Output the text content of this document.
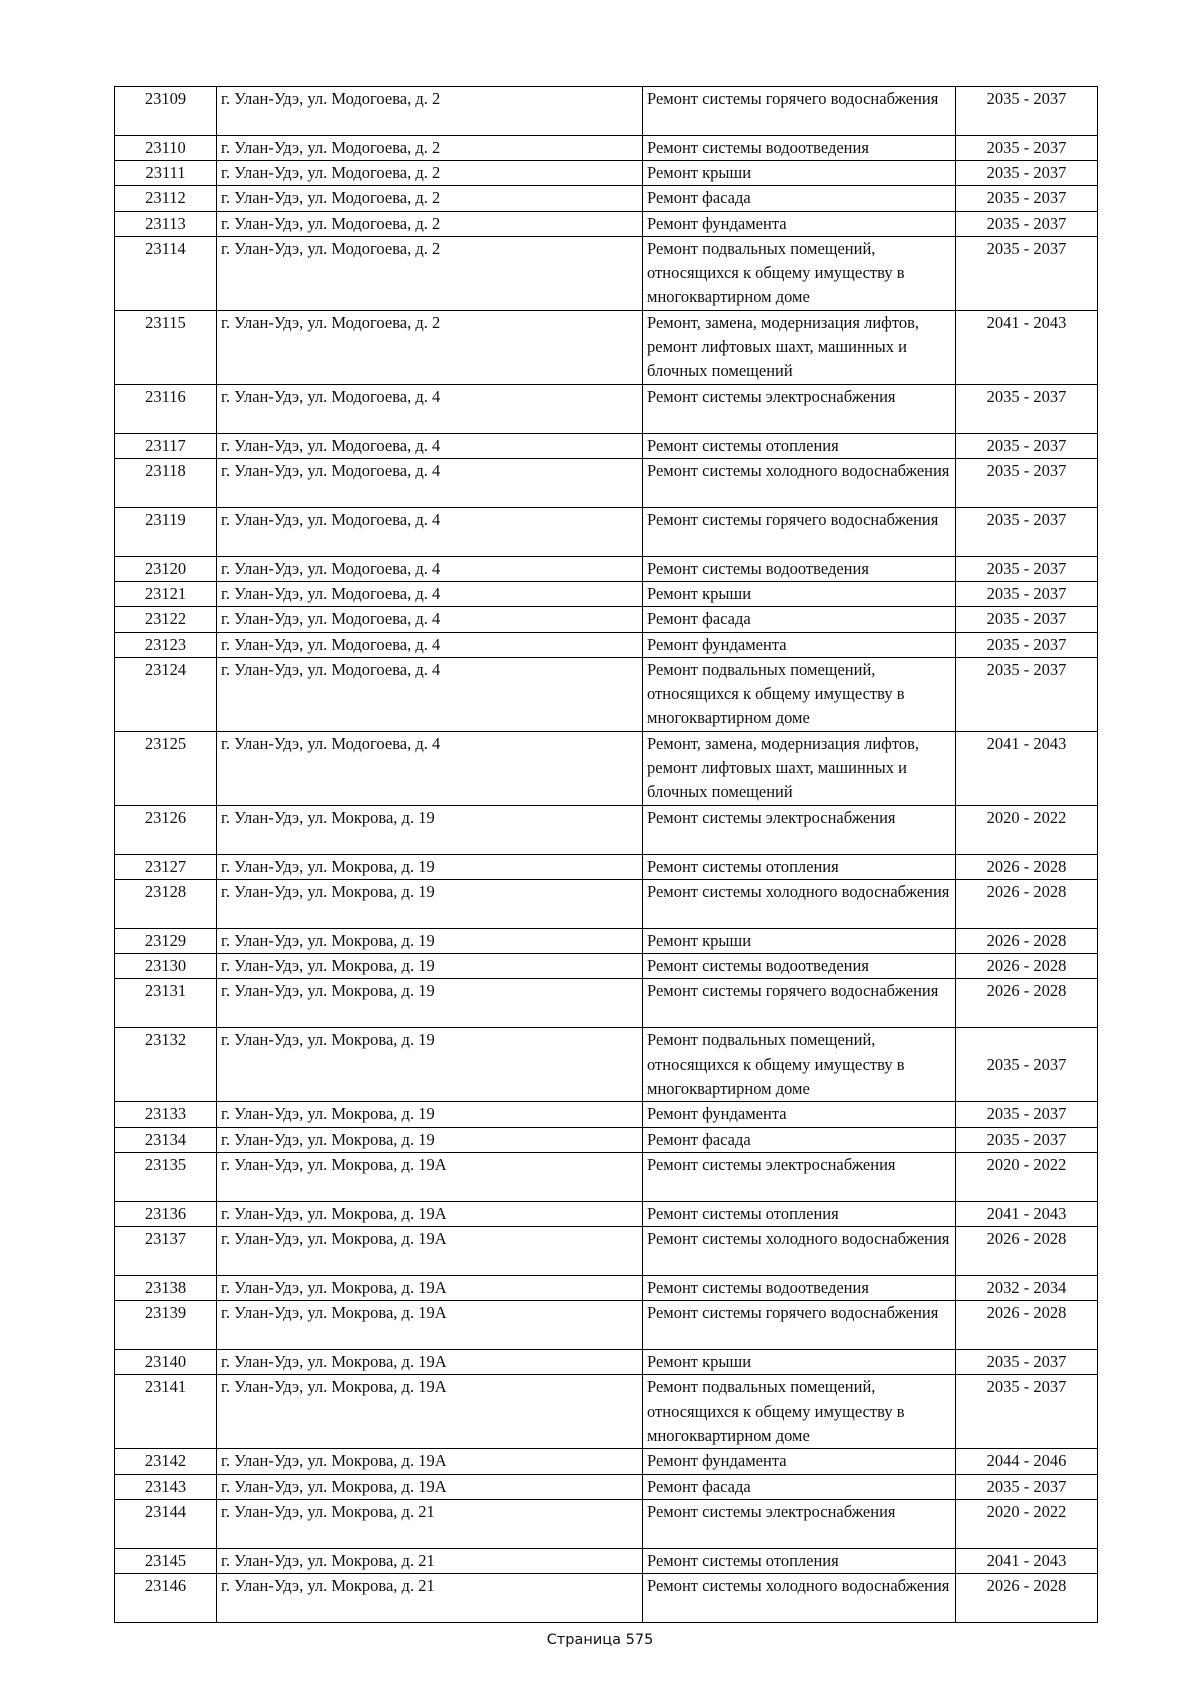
23109	г. Улан-Удэ, ул. Модогоева, д. 2	Ремонт системы горячего водоснабжения	2035 - 2037
23110	г. Улан-Удэ, ул. Модогоева, д. 2	Ремонт системы водоотведения	2035 - 2037
23111	г. Улан-Удэ, ул. Модогоева, д. 2	Ремонт крыши	2035 - 2037
23112	г. Улан-Удэ, ул. Модогоева, д. 2	Ремонт фасада	2035 - 2037
23113	г. Улан-Удэ, ул. Модогоева, д. 2	Ремонт фундамента	2035 - 2037
23114	г. Улан-Удэ, ул. Модогоева, д. 2	Ремонт подвальных помещений, относящихся к общему имуществу в многоквартирном доме	2035 - 2037
23115	г. Улан-Удэ, ул. Модогоева, д. 2	Ремонт, замена, модернизация лифтов, ремонт лифтовых шахт, машинных и блочных помещений	2041 - 2043
23116	г. Улан-Удэ, ул. Модогоева, д. 4	Ремонт системы электроснабжения	2035 - 2037
23117	г. Улан-Удэ, ул. Модогоева, д. 4	Ремонт системы отопления	2035 - 2037
23118	г. Улан-Удэ, ул. Модогоева, д. 4	Ремонт системы холодного водоснабжения	2035 - 2037
23119	г. Улан-Удэ, ул. Модогоева, д. 4	Ремонт системы горячего водоснабжения	2035 - 2037
23120	г. Улан-Удэ, ул. Модогоева, д. 4	Ремонт системы водоотведения	2035 - 2037
23121	г. Улан-Удэ, ул. Модогоева, д. 4	Ремонт крыши	2035 - 2037
23122	г. Улан-Удэ, ул. Модогоева, д. 4	Ремонт фасада	2035 - 2037
23123	г. Улан-Удэ, ул. Модогоева, д. 4	Ремонт фундамента	2035 - 2037
23124	г. Улан-Удэ, ул. Модогоева, д. 4	Ремонт подвальных помещений, относящихся к общему имуществу в многоквартирном доме	2035 - 2037
23125	г. Улан-Удэ, ул. Модогоева, д. 4	Ремонт, замена, модернизация лифтов, ремонт лифтовых шахт, машинных и блочных помещений	2041 - 2043
23126	г. Улан-Удэ, ул. Мокрова, д. 19	Ремонт системы электроснабжения	2020 - 2022
23127	г. Улан-Удэ, ул. Мокрова, д. 19	Ремонт системы отопления	2026 - 2028
23128	г. Улан-Удэ, ул. Мокрова, д. 19	Ремонт системы холодного водоснабжения	2026 - 2028
23129	г. Улан-Удэ, ул. Мокрова, д. 19	Ремонт крыши	2026 - 2028
23130	г. Улан-Удэ, ул. Мокрова, д. 19	Ремонт системы водоотведения	2026 - 2028
23131	г. Улан-Удэ, ул. Мокрова, д. 19	Ремонт системы горячего водоснабжения	2026 - 2028
23132	г. Улан-Удэ, ул. Мокрова, д. 19	Ремонт подвальных помещений, относящихся к общему имуществу в многоквартирном доме	2035 - 2037
23133	г. Улан-Удэ, ул. Мокрова, д. 19	Ремонт фундамента	2035 - 2037
23134	г. Улан-Удэ, ул. Мокрова, д. 19	Ремонт фасада	2035 - 2037
23135	г. Улан-Удэ, ул. Мокрова, д. 19А	Ремонт системы электроснабжения	2020 - 2022
23136	г. Улан-Удэ, ул. Мокрова, д. 19А	Ремонт системы отопления	2041 - 2043
23137	г. Улан-Удэ, ул. Мокрова, д. 19А	Ремонт системы холодного водоснабжения	2026 - 2028
23138	г. Улан-Удэ, ул. Мокрова, д. 19А	Ремонт системы водоотведения	2032 - 2034
23139	г. Улан-Удэ, ул. Мокрова, д. 19А	Ремонт системы горячего водоснабжения	2026 - 2028
23140	г. Улан-Удэ, ул. Мокрова, д. 19А	Ремонт крыши	2035 - 2037
23141	г. Улан-Удэ, ул. Мокрова, д. 19А	Ремонт подвальных помещений, относящихся к общему имуществу в многоквартирном доме	2035 - 2037
23142	г. Улан-Удэ, ул. Мокрова, д. 19А	Ремонт фундамента	2044 - 2046
23143	г. Улан-Удэ, ул. Мокрова, д. 19А	Ремонт фасада	2035 - 2037
23144	г. Улан-Удэ, ул. Мокрова, д. 21	Ремонт системы электроснабжения	2020 - 2022
23145	г. Улан-Удэ, ул. Мокрова, д. 21	Ремонт системы отопления	2041 - 2043
23146	г. Улан-Удэ, ул. Мокрова, д. 21	Ремонт системы холодного водоснабжения	2026 - 2028
Страница 575
